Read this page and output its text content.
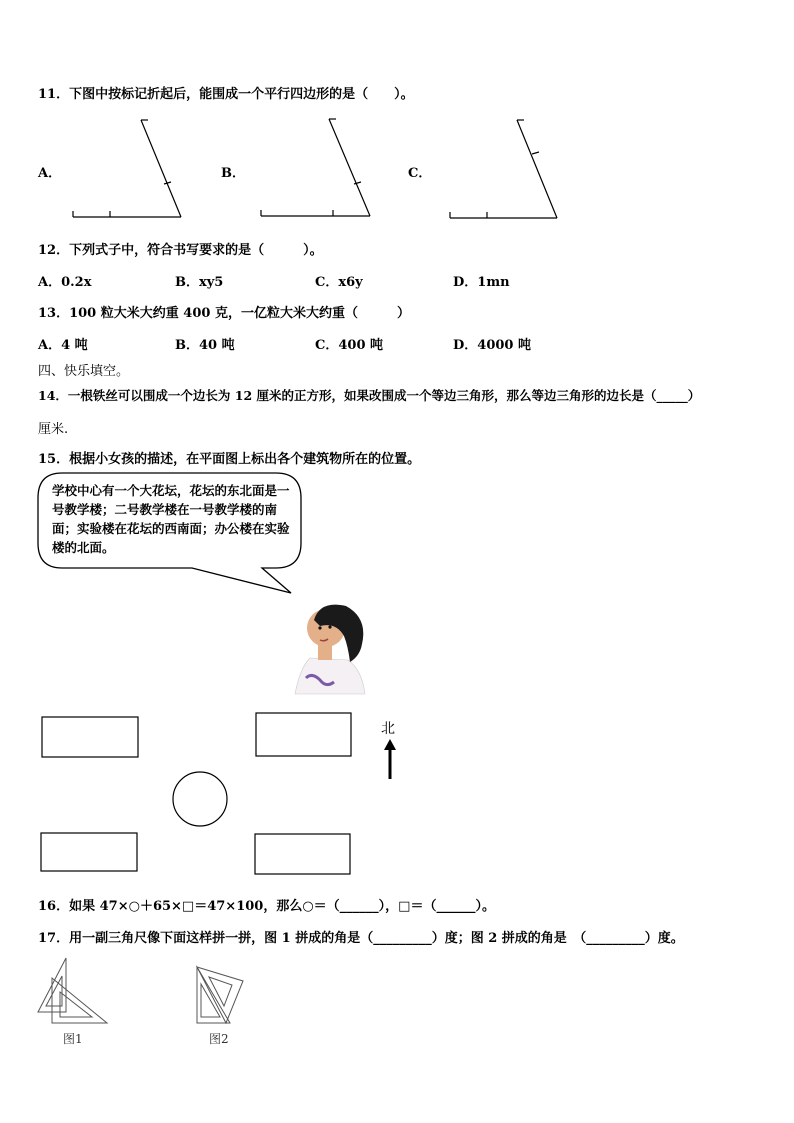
11．下图中按标记折起后，能围成一个平行四边形的是（　　）。
A．	B．	C．
12．下列式子中，符合书写要求的是（　　　）。
A．0.2x	B．xy5	C．x6y	D．1mn
13．100 粒大米大约重 400 克，一亿粒大米大约重（　　　）
A．4 吨	B．40 吨	C．400 吨	D．4000 吨
四、快乐填空。
14．一根铁丝可以围成一个边长为 12 厘米的正方形，如果改围成一个等边三角形，那么等边三角形的边长是（_____）
厘米.
15．根据小女孩的描述，在平面图上标出各个建筑物所在的位置。
学校中心有一个大花坛，花坛的东北面是一号教学楼；二号教学楼在一号教学楼的南面；实验楼在花坛的西南面；办公楼在实验楼的北面。
北
16．如果 47×○＋65×□＝47×100，那么○＝（______），□＝（______）。
17．用一副三角尺像下面这样拼一拼，图 1 拼成的角是（_________）度；图 2 拼成的角是　（_________）度。
图1	图2
